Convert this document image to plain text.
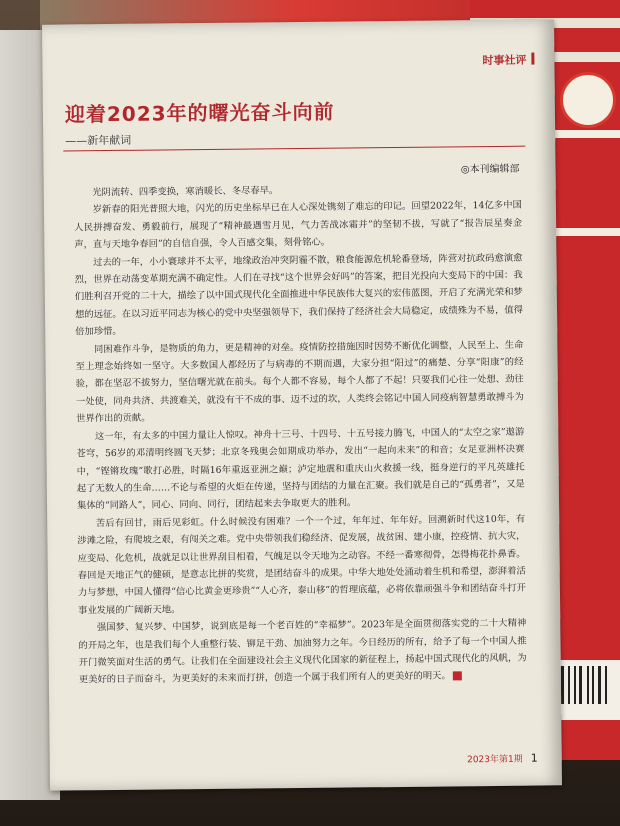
时事社评
迎着2023年的曙光奋斗向前
——新年献词
◎本刊编辑部

光阴流转、四季变换，寒消暖长、冬尽春早。

岁新春的阳光普照大地，闪光的历史坐标早已在人心深处镌刻了难忘的印记。回望2022年，14亿多中国人民拼搏奋发、勇毅前行，展现了“精神最遇雪月见，气力苦战冰霜并”的坚韧不拔，写就了“报告辰星奏金声，直与天地争春回”的自信自强，令人百感交集，刻骨铭心。

过去的一年，小小寰球并不太平，地缘政治冲突阴霾不散，粮食能源危机轮番登场，阵营对抗政码愈演愈烈，世界在动荡变革期充满不确定性。人们在寻找“这个世界会好吗”的答案，把目光投向大变局下的中国：我们胜利召开党的二十大，描绘了以中国式现代化全面推进中华民族伟大复兴的宏伟蓝图，开启了充满光荣和梦想的远征。在以习近平同志为核心的党中央坚强领导下，我们保持了经济社会大局稳定，成绩殊为不易，值得倍加珍惜。

同困难作斗争，是物质的角力，更是精神的对垒。疫情防控措施因时因势不断优化调整，人民至上、生命至上理念始终如一坚守。大多数国人都经历了与病毒的不期而遇，大家分担“阳过”的痛楚、分享“阳康”的经验，都在坚忍不拔努力，坚信曙光就在前头。每个人都不容易，每个人都了不起！只要我们心往一处想、劲往一处使，同舟共济、共渡难关，就没有干不成的事、迈不过的坎，人类终会铭记中国人同疫病智慧勇敢搏斗为世界作出的贡献。

这一年，有太多的中国力量让人惊叹。神舟十三号、十四号、十五号接力腾飞，中国人的“太空之家”遨游苍穹，56岁的邓清明终圆飞天梦；北京冬残奥会如期成功举办，发出“一起向未来”的和音；女足亚洲杯决赛中，“铿锵玫瑰”歌打必胜，时隔16年重返亚洲之巅；泸定地震和重庆山火救援一线，挺身逆行的平凡英雄托起了无数人的生命……不论与希望的火炬在传递，坚持与团结的力量在汇聚。我们就是自己的“孤勇者”，又是集体的“同路人”，同心、同向、同行，团结起来去争取更大的胜利。

苦后有回甘，雨后见彩虹。什么时候没有困难？一个一个过，年年过、年年好。回溯新时代这10年，有涉滩之险，有爬坡之艰，有闯关之难。党中央带领我们稳经济、促发展，战贫困、建小康，控疫情、抗大灾，应变局、化危机，战就足以让世界刮目相看，气魄足以令天地为之动容。不经一番寒彻骨，怎得梅花扑鼻香。春回是天地正气的健硕，是意志比拼的奖赏，是团结奋斗的成果。中华大地处处涌动着生机和希望，澎湃着活力与梦想，中国人懂得“信心比黄金更珍贵”“人心齐，泰山移”的哲理底蕴，必将依靠顽强斗争和团结奋斗打开事业发展的广阔新天地。

强国梦、复兴梦、中国梦，说到底是每一个老百姓的“幸福梦”。2023年是全面贯彻落实党的二十大精神的开局之年，也是我们每个人重整行装、铆足干劲、加油努力之年。今日经历的所有，给予了每一个中国人推开门微笑面对生活的勇气。让我们在全面建设社会主义现代化国家的新征程上，扬起中国式现代化的风帆，为更美好的日子而奋斗，为更美好的未来而打拼，创造一个属于我们所有人的更美好的明天。

2023年第1期 1
